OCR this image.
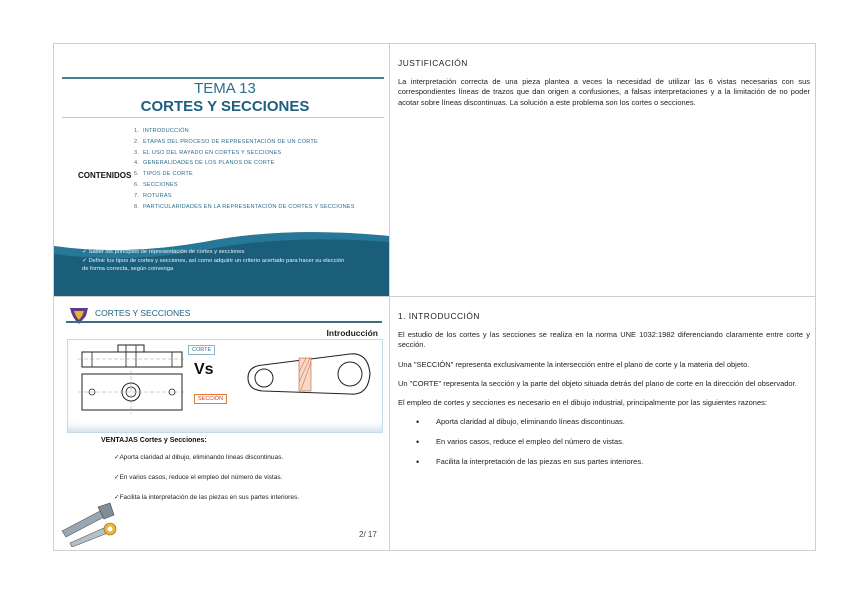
TEMA 13
CORTES Y SECCIONES
CONTENIDOS
1. INTRODUCCIÓN
2. ETAPAS DEL PROCESO DE REPRESENTACIÓN DE UN CORTE
3. EL USO DEL RAYADO EN CORTES Y SECCIONES
4. GENERALIDADES DE LOS PLANOS DE CORTE
5. TIPOS DE CORTE
6. SECCIONES
7. ROTURAS
8. PARTICULARIDADES EN LA REPRESENTACIÓN DE CORTES Y SECCIONES
OBJETIVOS:
✓ Saber los principios de representación de cortes y secciones
✓ Definir los tipos de cortes y secciones, así como adquirir un criterio acertado para hacer su elección de forma correcta, según convenga
CORTES Y SECCIONES
Introducción
CORTE
Vs
SECCIÓN
VENTAJAS Cortes y Secciones:
✓Aporta claridad al dibujo, eliminando líneas discontinuas.
✓En varios casos, reduce el empleo del número de vistas.
✓Facilita la interpretación de las piezas en sus partes interiores.
2/ 17
JUSTIFICACIÓN

La interpretación correcta de una pieza plantea a veces la necesidad de utilizar las 6 vistas necesarias con sus correspondientes líneas de trazos que dan origen a confusiones, a falsas interpretaciones y a la limitación de no poder acotar sobre líneas discontinuas. La solución a este problema son los cortes o secciones.

1. INTRODUCCIÓN

El estudio de los cortes y las secciones se realiza en la norma UNE 1032:1982 diferenciando claramente entre corte y sección.

Una "SECCIÓN" representa exclusivamente la intersección entre el plano de corte y la materia del objeto.

Un "CORTE" representa la sección y la parte del objeto situada detrás del plano de corte en la dirección del observador.

El empleo de cortes y secciones es necesario en el dibujo industrial, principalmente por las siguientes razones:

• Aporta claridad al dibujo, eliminando líneas discontinuas.
• En varios casos, reduce el empleo del número de vistas.
• Facilita la interpretación de las piezas en sus partes interiores.
